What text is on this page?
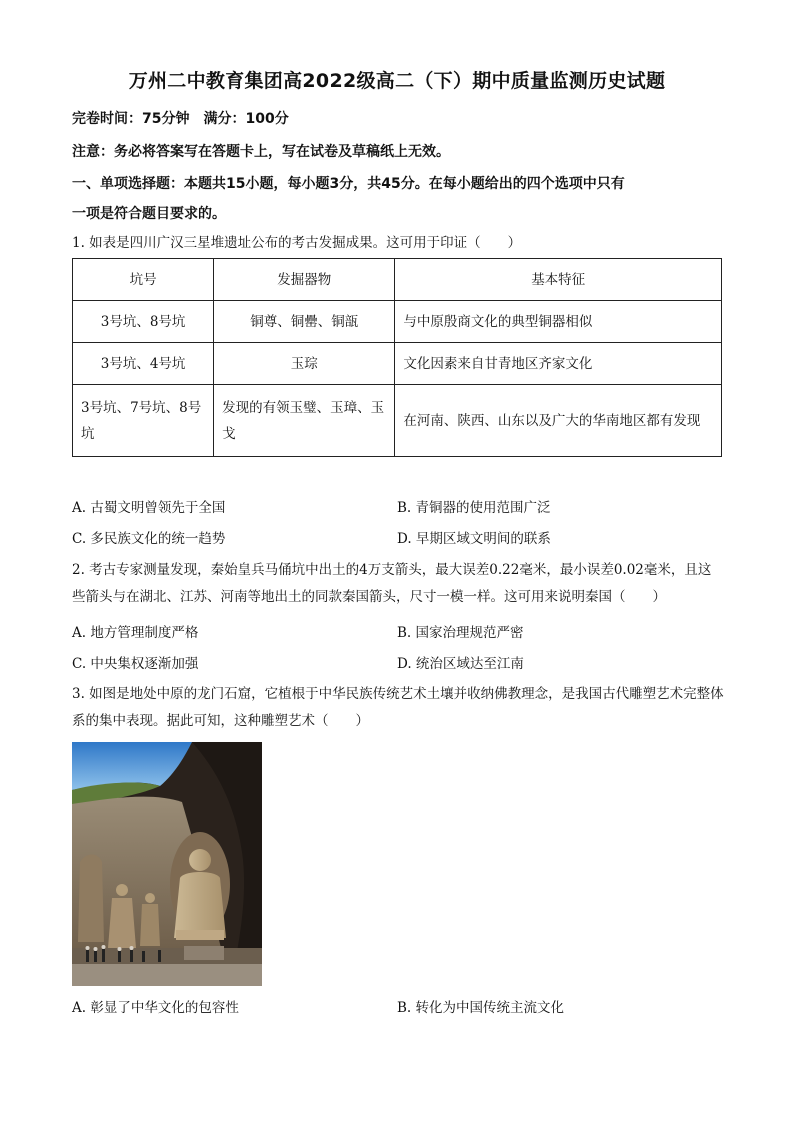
万州二中教育集团高2022级高二（下）期中质量监测历史试题
完卷时间：75分钟　满分：100分
注意：务必将答案写在答题卡上，写在试卷及草稿纸上无效。
一、单项选择题：本题共15小题，每小题3分，共45分。在每小题给出的四个选项中只有
一项是符合题目要求的。
1. 如表是四川广汉三星堆遗址公布的考古发掘成果。这可用于印证（　　）
坑号	发掘器物	基本特征
3号坑、8号坑	铜尊、铜罍、铜瓿	与中原殷商文化的典型铜器相似
3号坑、4号坑	玉琮	文化因素来自甘青地区齐家文化
3号坑、7号坑、8号坑	发现的有领玉璧、玉璋、玉戈	在河南、陕西、山东以及广大的华南地区都有发现
A. 古蜀文明曾领先于全国	B. 青铜器的使用范围广泛
C. 多民族文化的统一趋势	D. 早期区域文明间的联系
2. 考古专家测量发现，秦始皇兵马俑坑中出土的4万支箭头，最大误差0.22毫米，最小误差0.02毫米，且这些箭头与在湖北、江苏、河南等地出土的同款秦国箭头，尺寸一模一样。这可用来说明秦国（　　）
A. 地方管理制度严格	B. 国家治理规范严密
C. 中央集权逐渐加强	D. 统治区域达至江南
3. 如图是地处中原的龙门石窟，它植根于中华民族传统艺术土壤并收纳佛教理念，是我国古代雕塑艺术完整体系的集中表现。据此可知，这种雕塑艺术（　　）
A. 彰显了中华文化的包容性	B. 转化为中国传统主流文化
